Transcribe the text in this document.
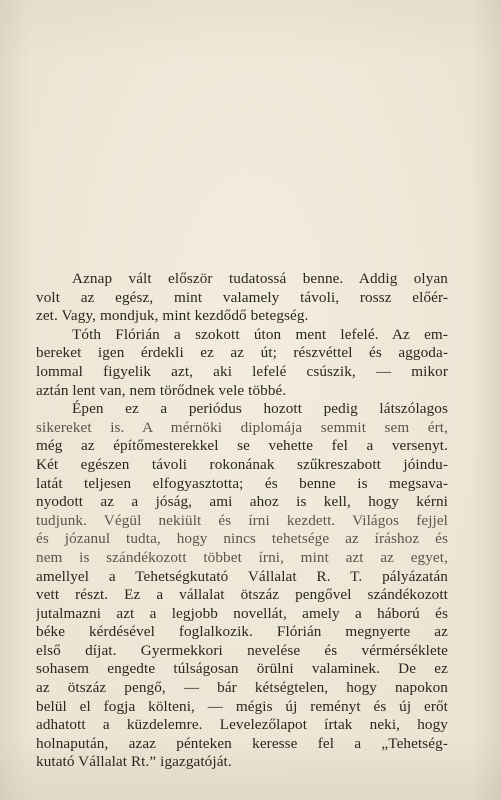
Aznap vált először tudatossá benne. Addig olyan
volt az egész, mint valamely távoli, rossz előér-
zet. Vagy, mondjuk, mint kezdődő betegség.

Tóth Flórián a szokott úton ment lefelé. Az em-
bereket igen érdekli ez az út; részvéttel és aggoda-
lommal figyelik azt, aki lefelé csúszik, — mikor
aztán lent van, nem törődnek vele többé.

Épen ez a periódus hozott pedig látszólagos
sikereket is. A mérnöki diplomája semmit sem ért,
még az építőmesterekkel se vehette fel a versenyt.
Két egészen távoli rokonának szűkreszabott jóindu-
latát teljesen elfogyasztotta; és benne is megsava-
nyodott az a jóság, ami ahoz is kell, hogy kérni
tudjunk. Végül nekiült és írni kezdett. Világos fejjel
és józanul tudta, hogy nincs tehetsége az íráshoz és
nem is szándékozott többet írni, mint azt az egyet,
amellyel a Tehetségkutató Vállalat R. T. pályázatán
vett részt. Ez a vállalat ötszáz pengővel szándékozott
jutalmazni azt a legjobb novellát, amely a háború és
béke kérdésével foglalkozik. Flórián megnyerte az
első díjat. Gyermekkori nevelése és vérmérséklete
sohasem engedte túlságosan örülni valaminek. De ez
az ötszáz pengő, — bár kétségtelen, hogy napokon
belül el fogja költeni, — mégis új reményt és új erőt
adhatott a küzdelemre. Levelezőlapot írtak neki, hogy
holnapután, azaz pénteken keresse fel a „Tehetség-
kutató Vállalat Rt.” igazgatóját.
